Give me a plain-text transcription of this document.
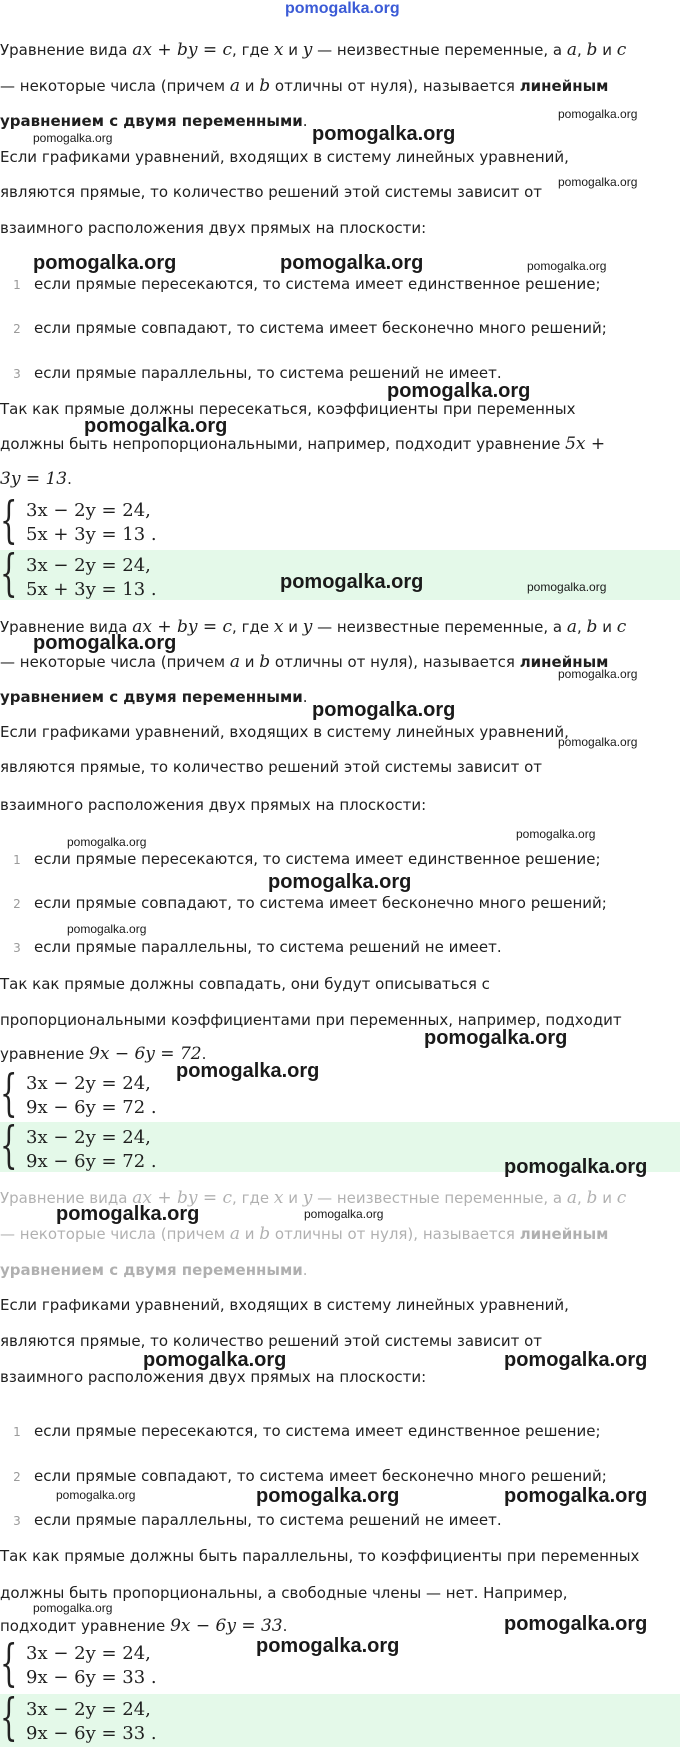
pomogalka.org
Уравнение вида ax + by = c, где x и y — неизвестные переменные, а a, b и c
— некоторые числа (причем a и b отличны от нуля), называется линейным
уравнением с двумя переменными.
Если графиками уравнений, входящих в систему линейных уравнений,
являются прямые, то количество решений этой системы зависит от
взаимного расположения двух прямых на плоскости:
1 если прямые пересекаются, то система имеет единственное решение;
2 если прямые совпадают, то система имеет бесконечно много решений;
3 если прямые параллельны, то система решений не имеет.
Так как прямые должны пересекаться, коэффициенты при переменных
должны быть непропорциональными, например, подходит уравнение 5x +
3y = 13.
{ 3x − 2y = 24,
5x + 3y = 13 .
{ 3x − 2y = 24,
5x + 3y = 13 .
Уравнение вида ax + by = c, где x и y — неизвестные переменные, а a, b и c
— некоторые числа (причем a и b отличны от нуля), называется линейным
уравнением с двумя переменными.
Если графиками уравнений, входящих в систему линейных уравнений,
являются прямые, то количество решений этой системы зависит от
взаимного расположения двух прямых на плоскости:
1 если прямые пересекаются, то система имеет единственное решение;
2 если прямые совпадают, то система имеет бесконечно много решений;
3 если прямые параллельны, то система решений не имеет.
Так как прямые должны совпадать, они будут описываться с
пропорциональными коэффициентами при переменных, например, подходит
уравнение 9x − 6y = 72.
{ 3x − 2y = 24,
9x − 6y = 72 .
{ 3x − 2y = 24,
9x − 6y = 72 .
Уравнение вида ax + by = c, где x и y — неизвестные переменные, а a, b и c
— некоторые числа (причем a и b отличны от нуля), называется линейным
уравнением с двумя переменными.
Если графиками уравнений, входящих в систему линейных уравнений,
являются прямые, то количество решений этой системы зависит от
взаимного расположения двух прямых на плоскости:
1 если прямые пересекаются, то система имеет единственное решение;
2 если прямые совпадают, то система имеет бесконечно много решений;
3 если прямые параллельны, то система решений не имеет.
Так как прямые должны быть параллельны, то коэффициенты при переменных
должны быть пропорциональны, а свободные члены — нет. Например,
подходит уравнение 9x − 6y = 33.
{ 3x − 2y = 24,
9x − 6y = 33 .
{ 3x − 2y = 24,
9x − 6y = 33 .
pomogalka.org
pomogalka.org	pomogalka.org
pomogalka.org
pomogalka.org	pomogalka.org	pomogalka.org
pomogalka.org
pomogalka.org
pomogalka.org	pomogalka.org
pomogalka.org
pomogalka.org
pomogalka.org
pomogalka.org
pomogalka.org
pomogalka.org
pomogalka.org
pomogalka.org
pomogalka.org
pomogalka.org
pomogalka.org
pomogalka.org	pomogalka.org
pomogalka.org	pomogalka.org
pomogalka.org	pomogalka.org	pomogalka.org
pomogalka.org
pomogalka.org
pomogalka.org
